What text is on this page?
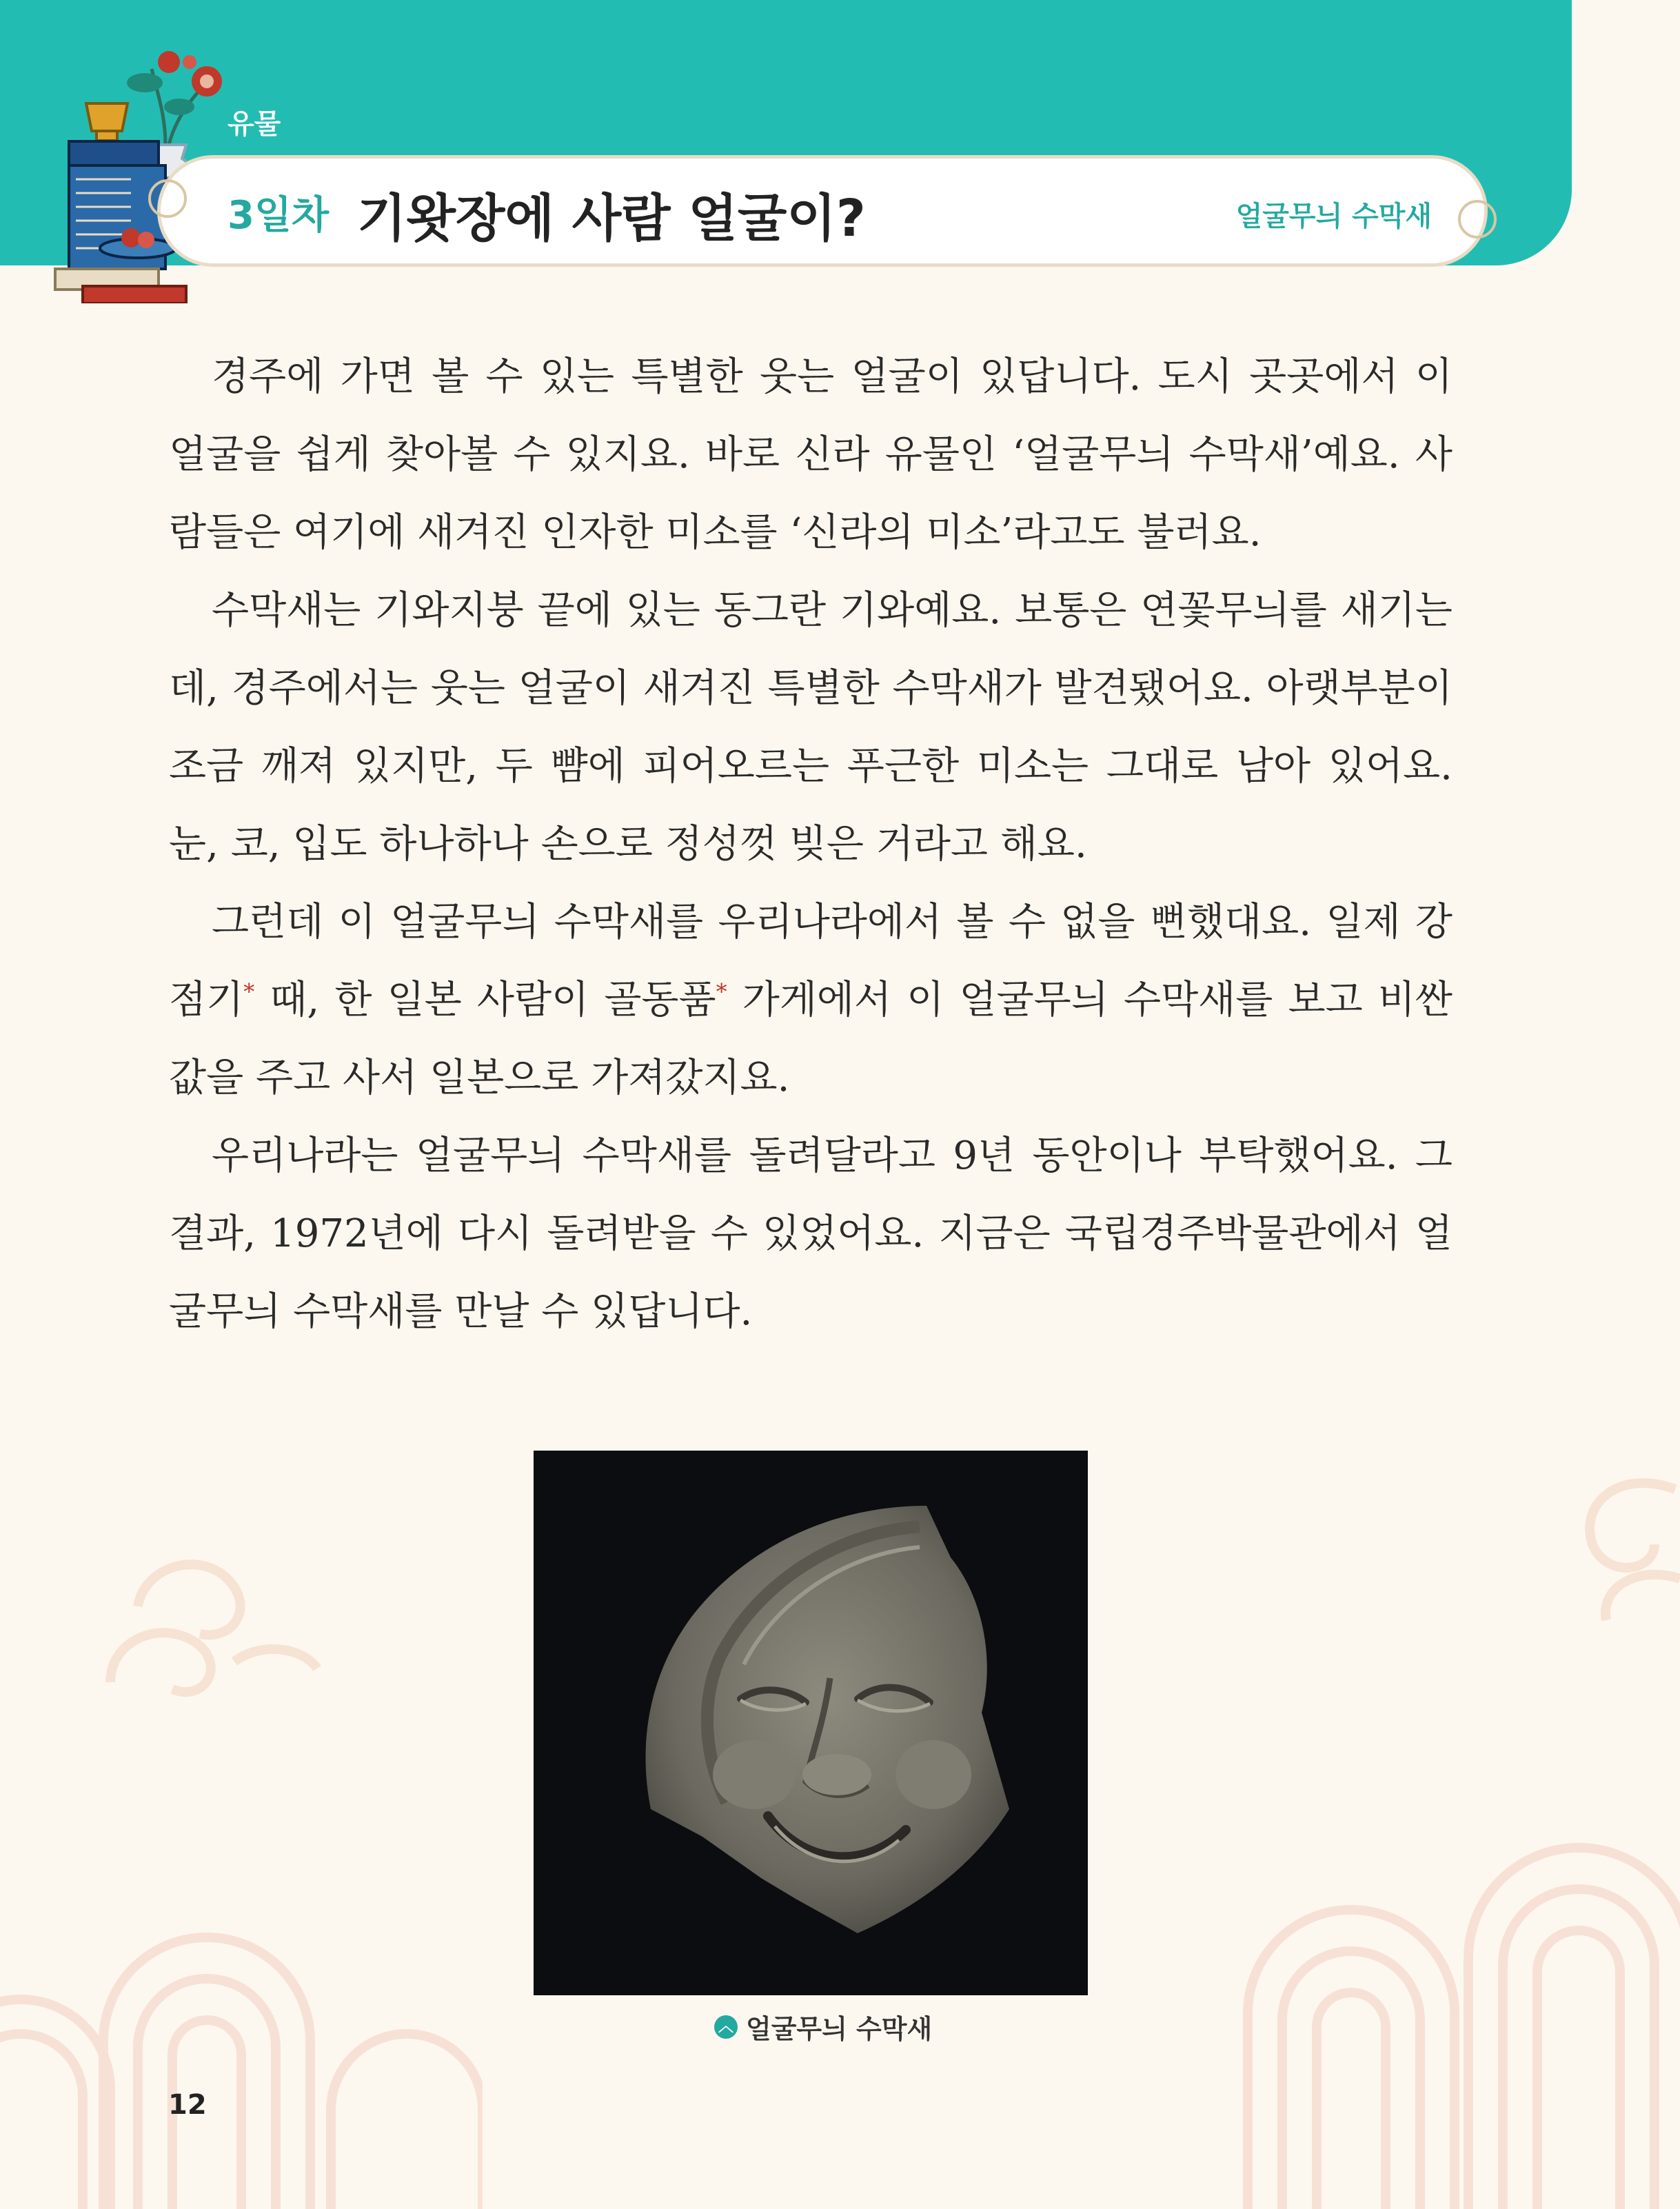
유물
3일차 기왓장에 사람 얼굴이?	얼굴무늬 수막새

경주에 가면 볼 수 있는 특별한 웃는 얼굴이 있답니다. 도시 곳곳에서 이 얼굴을 쉽게 찾아볼 수 있지요. 바로 신라 유물인 ‘얼굴무늬 수막새’예요. 사람들은 여기에 새겨진 인자한 미소를 ‘신라의 미소’라고도 불러요.

수막새는 기와지붕 끝에 있는 동그란 기와예요. 보통은 연꽃무늬를 새기는데, 경주에서는 웃는 얼굴이 새겨진 특별한 수막새가 발견됐어요. 아랫부분이 조금 깨져 있지만, 두 뺨에 피어오르는 푸근한 미소는 그대로 남아 있어요. 눈, 코, 입도 하나하나 손으로 정성껏 빚은 거라고 해요.

그런데 이 얼굴무늬 수막새를 우리나라에서 볼 수 없을 뻔했대요. 일제 강점기* 때, 한 일본 사람이 골동품* 가게에서 이 얼굴무늬 수막새를 보고 비싼 값을 주고 사서 일본으로 가져갔지요.

우리나라는 얼굴무늬 수막새를 돌려달라고 9년 동안이나 부탁했어요. 그 결과, 1972년에 다시 돌려받을 수 있었어요. 지금은 국립경주박물관에서 얼굴무늬 수막새를 만날 수 있답니다.

︿ 얼굴무늬 수막새
12
